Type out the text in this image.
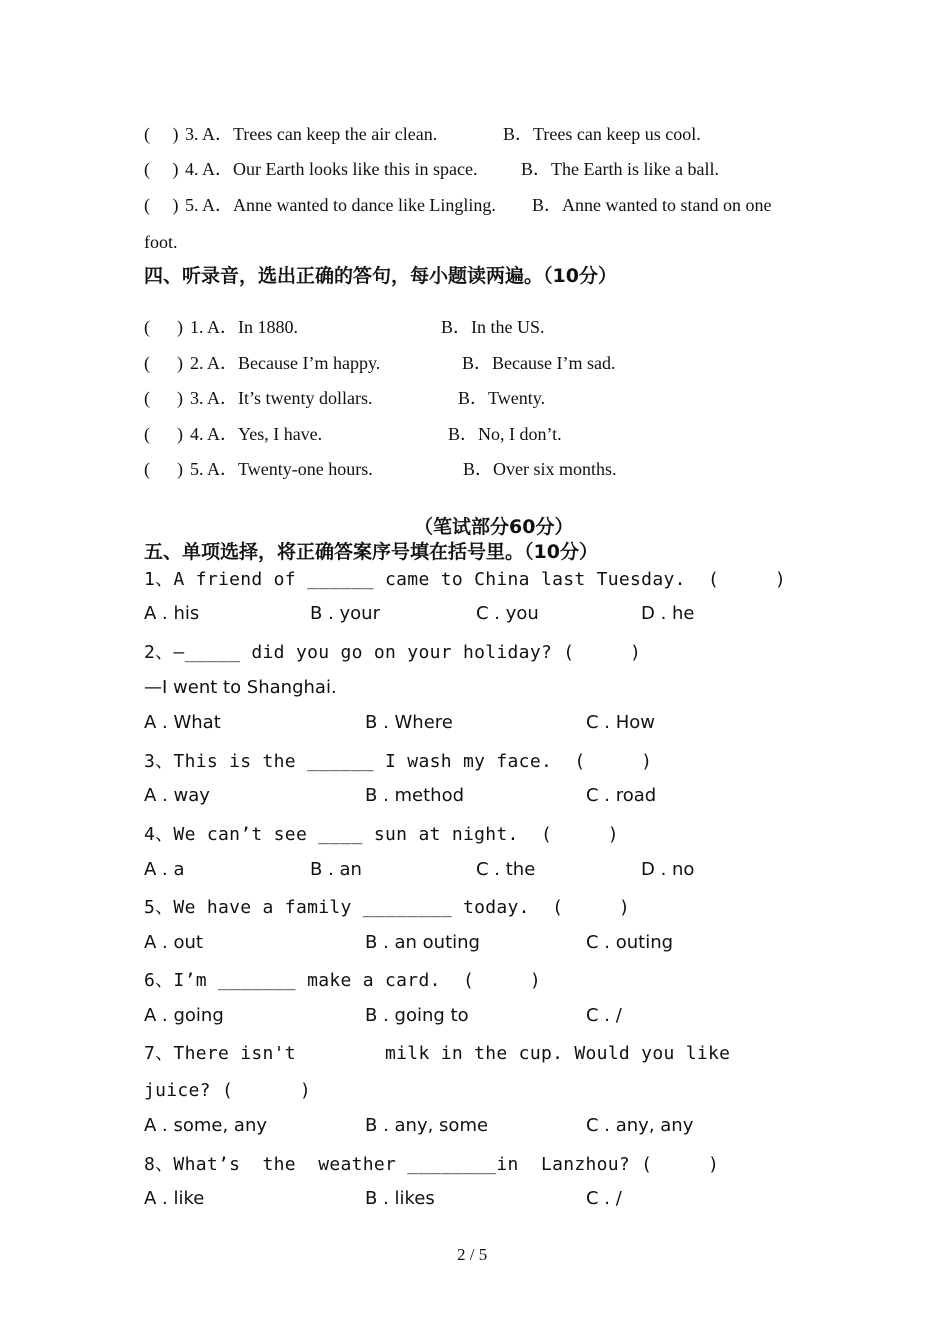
(     ) 3. A．Trees can keep the air clean.	B．Trees can keep us cool.
(     ) 4. A．Our Earth looks like this in space. B．The Earth is like a ball.
(     ) 5. A．Anne wanted to dance like Lingling. B．Anne wanted to stand on one
foot.
四、听录音，选出正确的答句，每小题读两遍。（10分）
(      ) 1. A．In 1880.	B．In the US.
(      ) 2. A．Because I’m happy.	B．Because I’m sad.
(      ) 3. A．It’s twenty dollars.	B．Twenty.
(      ) 4. A．Yes, I have.	B．No, I don’t.
(      ) 5. A．Twenty-one hours.	B．Over six months.
（笔试部分60分）
五、单项选择，将正确答案序号填在括号里。（10分）
1、A friend of ______ came to China last Tuesday.  (     )
A . his	B . your	C . you	D . he
2、—_____ did you go on your holiday? (     )
—I went to Shanghai.
A . What	B . Where	C . How
3、This is the ______ I wash my face.  (     )
A . way	B . method	C . road
4、We can’t see ____ sun at night.  (     )
A . a	B . an	C . the	D . no
5、We have a family ________ today.  (     )
A . out	B . an outing	C . outing
6、I’m _______ make a card.  (     )
A . going	B . going to	C . /
7、There isn't        milk in the cup. Would you like
juice? (      )
A . some, any	B . any, some	C . any, any
8、What’s  the  weather ________in  Lanzhou? (     )
A . like	B . likes	C . /
2 / 5
